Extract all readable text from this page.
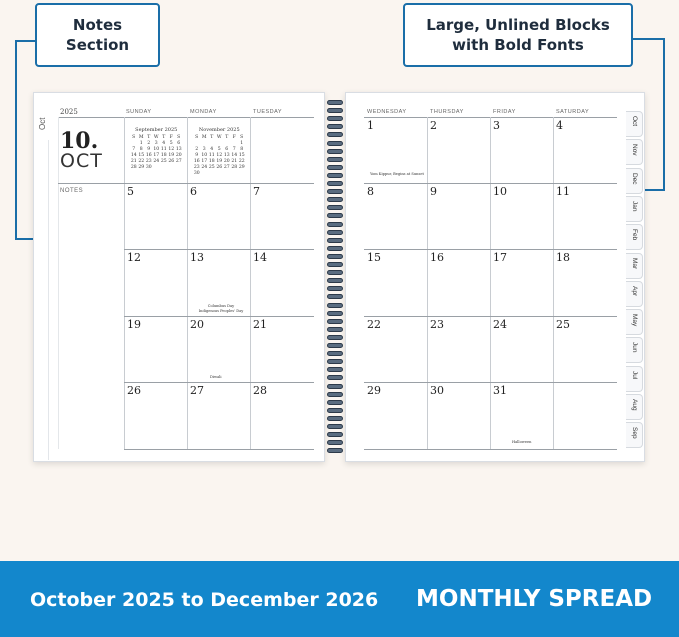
Notes
Section
Large, Unlined Blocks
with Bold Fonts
Oct
2025
10.
OCT
NOTES
SUNDAY	MONDAY	TUESDAY	WEDNESDAY	THURSDAY	FRIDAY	SATURDAY
September 2025
S	M	T	W	T	F	S
	1	2	3	4	5	6
7	8	9	10	11	12	13
14	15	16	17	18	19	20
21	22	23	24	25	26	27
28	29	30				
November 2025
S	M	T	W	T	F	S
						1
2	3	4	5	6	7	8
9	10	11	12	13	14	15
16	17	18	19	20	21	22
23	24	25	26	27	28	29
30						
5	6	7
12	13	14
19	20	21
26	27	28
1	2	3	4
8	9	10	11
15	16	17	18
22	23	24	25
29	30	31
Yom Kippur, Begins at Sunset
Columbus Day
Indigenous Peoples' Day
Diwali
Halloween
Oct
Nov
Dec
Jan
Feb
Mar
Apr
May
Jun
Jul
Aug
Sep
October 2025 to December 2026 MONTHLY SPREAD
